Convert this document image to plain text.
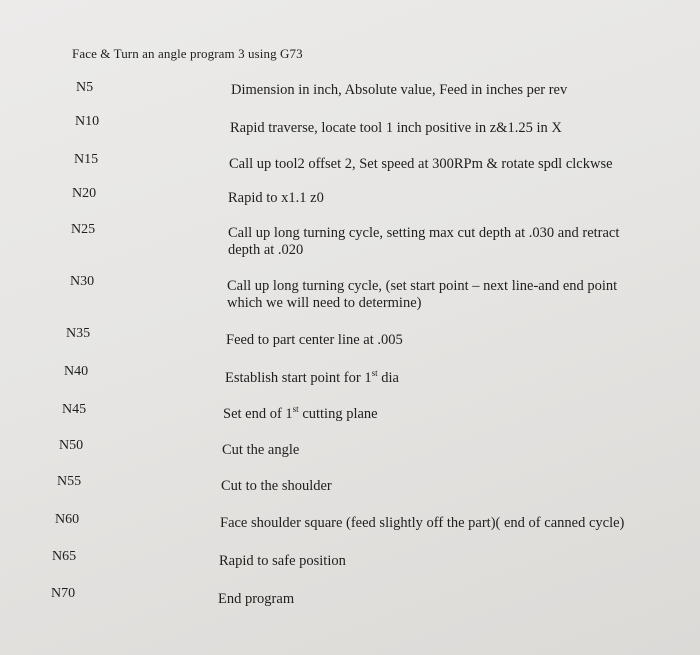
Face & Turn an angle program 3 using G73
N5	Dimension in inch, Absolute value, Feed in inches per rev
N10	Rapid traverse, locate tool 1 inch positive in z&1.25 in X
N15	Call up tool2 offset 2, Set speed at 300RPm & rotate spdl clckwse
N20	Rapid to x1.1 z0
N25	Call up long turning cycle, setting max cut depth at .030 and retract
depth at .020
N30	Call up long turning cycle, (set start point – next line-and end point
which we will need to determine)
N35	Feed to part center line at .005
N40	Establish start point for 1st dia
N45	Set end of 1st cutting plane
N50	Cut the angle
N55	Cut to the shoulder
N60	Face shoulder square (feed slightly off the part)( end of canned cycle)
N65	Rapid to safe position
N70	End program
